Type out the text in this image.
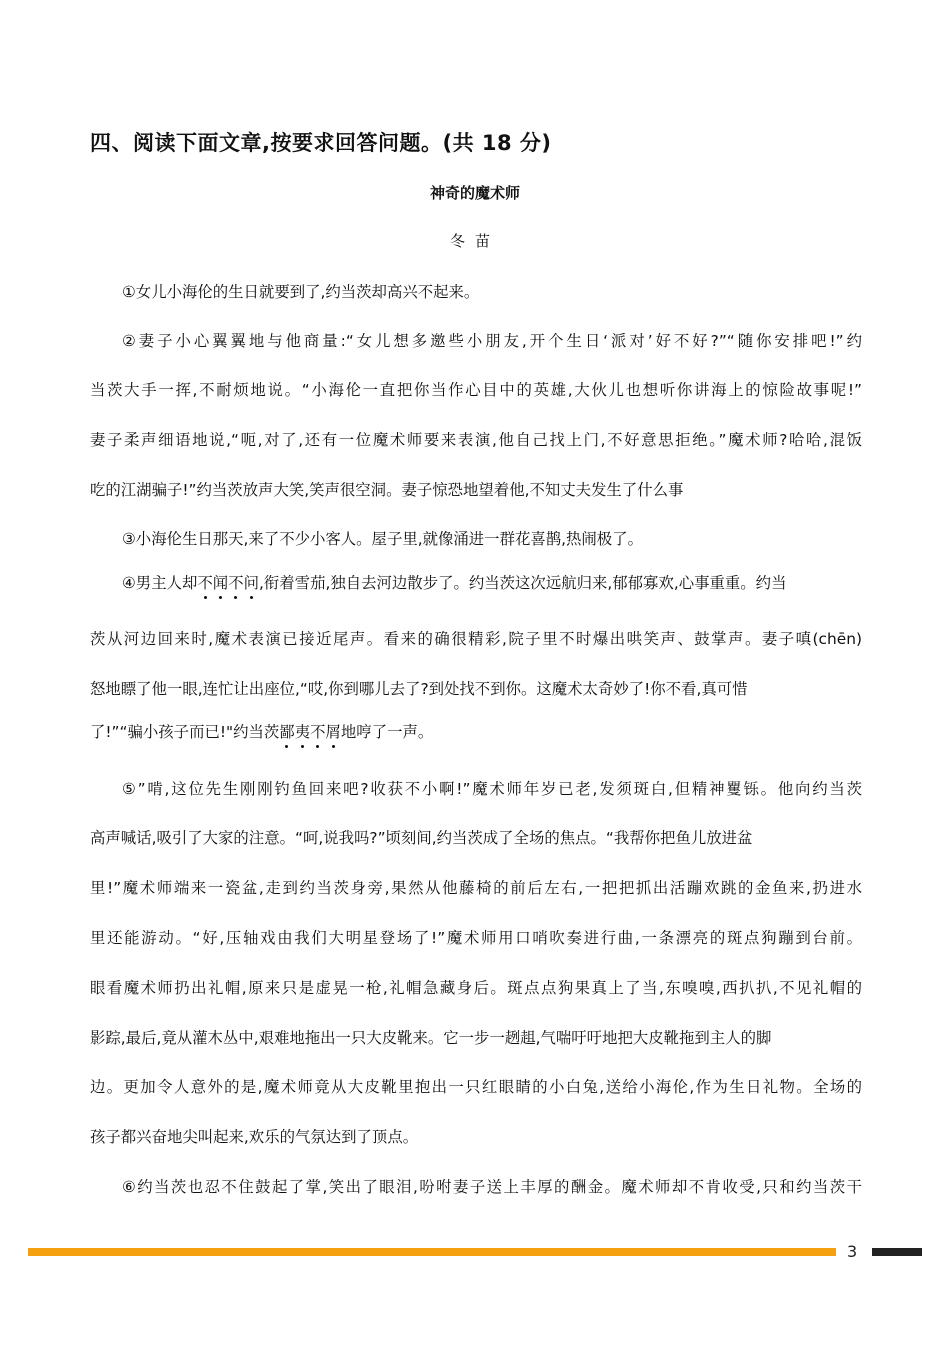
四、阅读下面文章,按要求回答问题。(共 18 分)
神奇的魔术师
冬苗
①女儿小海伦的生日就要到了,约当茨却高兴不起来。
②妻子小心翼翼地与他商量:“女儿想多邀些小朋友,开个生日‘派对’好不好?”“随你安排吧!”约
当茨大手一挥,不耐烦地说。“小海伦一直把你当作心目中的英雄,大伙儿也想听你讲海上的惊险故事呢!”
妻子柔声细语地说,“呃,对了,还有一位魔术师要来表演,他自己找上门,不好意思拒绝。”魔术师?哈哈,混饭
吃的江湖骗子!”约当茨放声大笑,笑声很空洞。妻子惊恐地望着他,不知丈夫发生了什么事
③小海伦生日那天,来了不少小客人。屋子里,就像涌进一群花喜鹊,热闹极了。
④男主人却不闻不问,衔着雪茄,独自去河边散步了。约当茨这次远航归来,郁郁寡欢,心事重重。约当
茨从河边回来时,魔术表演已接近尾声。看来的确很精彩,院子里不时爆出哄笑声、鼓掌声。妻子嗔(chēn)
怒地瞟了他一眼,连忙让出座位,“哎,你到哪儿去了?到处找不到你。这魔术太奇妙了!你不看,真可惜
了!”“骗小孩子而已!"约当茨鄙夷不屑地哼了一声。
⑤”啃,这位先生刚刚钓鱼回来吧?收获不小啊!”魔术师年岁已老,发须斑白,但精神矍铄。他向约当茨
高声喊话,吸引了大家的注意。“呵,说我吗?”顷刻间,约当茨成了全场的焦点。“我帮你把鱼儿放进盆
里!”魔术师端来一瓷盆,走到约当茨身旁,果然从他藤椅的前后左右,一把把抓出活蹦欢跳的金鱼来,扔进水
里还能游动。“好,压轴戏由我们大明星登场了!”魔术师用口哨吹奏进行曲,一条漂亮的斑点狗蹦到台前。
眼看魔术师扔出礼帽,原来只是虚晃一枪,礼帽急藏身后。斑点点狗果真上了当,东嗅嗅,西扒扒,不见礼帽的
影踪,最后,竟从灌木丛中,艰难地拖出一只大皮靴来。它一步一趔趄,气喘吁吁地把大皮靴拖到主人的脚
边。更加令人意外的是,魔术师竟从大皮靴里抱出一只红眼睛的小白兔,送给小海伦,作为生日礼物。全场的
孩子都兴奋地尖叫起来,欢乐的气氛达到了顶点。
⑥约当茨也忍不住鼓起了掌,笑出了眼泪,吩咐妻子送上丰厚的酬金。魔术师却不肯收受,只和约当茨干
3
